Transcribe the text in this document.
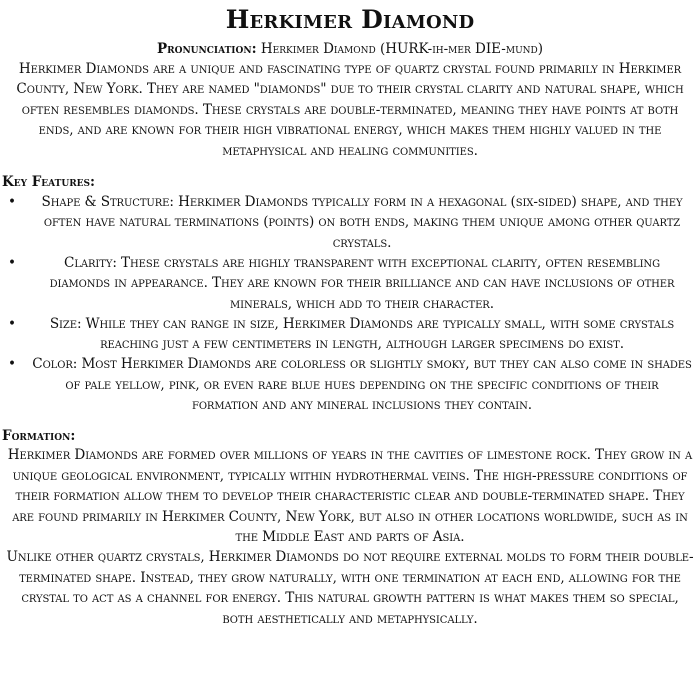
Herkimer Diamond
Pronunciation: Herkimer Diamond (HURK-ih-mer DIE-mund)

Herkimer Diamonds are a unique and fascinating type of quartz crystal found primarily in Herkimer County, New York. They are named "diamonds" due to their crystal clarity and natural shape, which often resembles diamonds. These crystals are double-terminated, meaning they have points at both ends, and are known for their high vibrational energy, which makes them highly valued in the metaphysical and healing communities.

Key Features:
• Shape & Structure: Herkimer Diamonds typically form in a hexagonal (six-sided) shape, and they often have natural terminations (points) on both ends, making them unique among other quartz crystals.
•	Clarity: These crystals are highly transparent with exceptional clarity, often resembling diamonds in appearance. They are known for their brilliance and can have inclusions of other minerals, which add to their character.
• Size: While they can range in size, Herkimer Diamonds are typically small, with some crystals reaching just a few centimeters in length, although larger specimens do exist.
• Color: Most Herkimer Diamonds are colorless or slightly smoky, but they can also come in shades of pale yellow, pink, or even rare blue hues depending on the specific conditions of their formation and any mineral inclusions they contain.
Formation:

Herkimer Diamonds are formed over millions of years in the cavities of limestone rock. They grow in a unique geological environment, typically within hydrothermal veins. The high-pressure conditions of their formation allow them to develop their characteristic clear and double-terminated shape. They are found primarily in Herkimer County, New York, but also in other locations worldwide, such as in the Middle East and parts of Asia.

Unlike other quartz crystals, Herkimer Diamonds do not require external molds to form their double-terminated shape. Instead, they grow naturally, with one termination at each end, allowing for the crystal to act as a channel for energy. This natural growth pattern is what makes them so special, both aesthetically and metaphysically.
